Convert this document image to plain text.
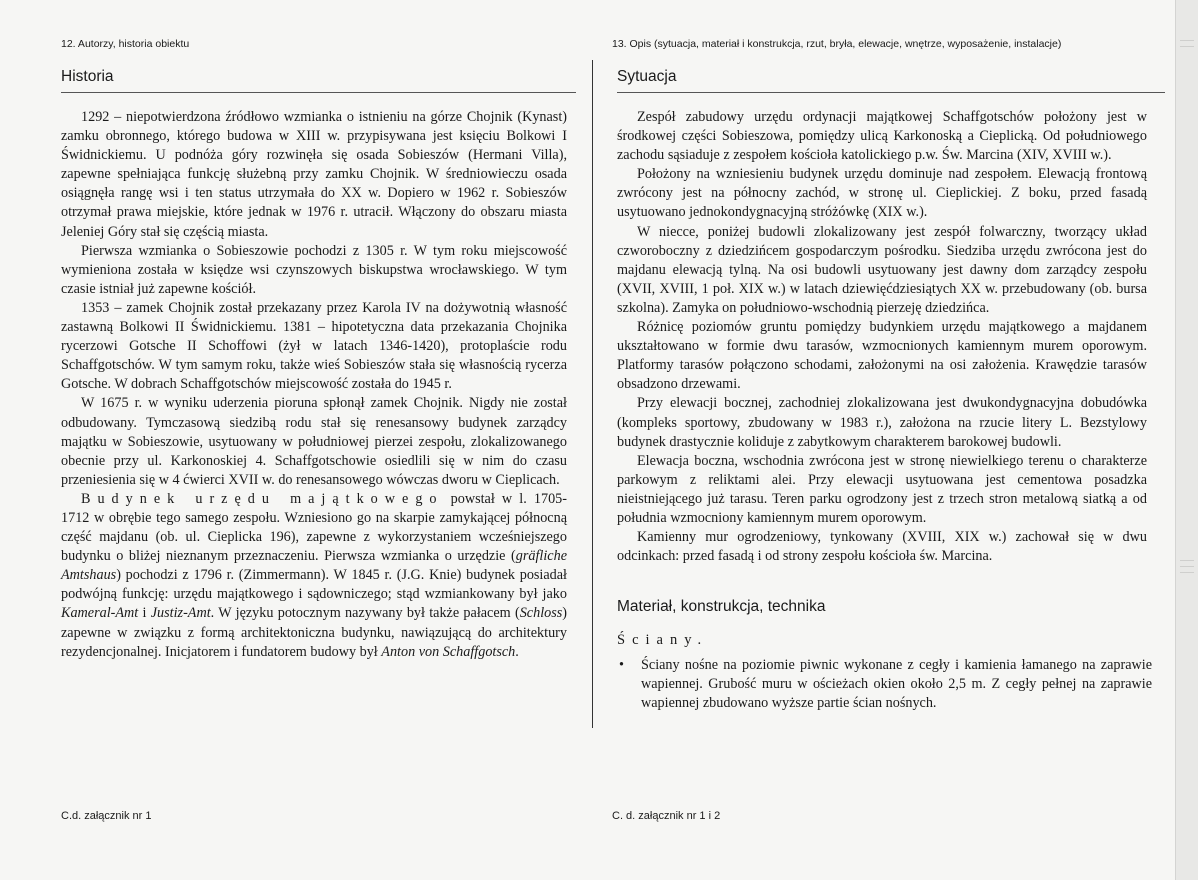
12. Autorzy, historia obiektu
Historia

1292 – niepotwierdzona źródłowo wzmianka o istnieniu na górze Chojnik (Kynast) zamku obronnego, którego budowa w XIII w. przypisywana jest księciu Bolkowi I Świdnickiemu. U podnóża góry rozwinęła się osada Sobieszów (Hermani Villa), zapewne spełniająca funkcję służebną przy zamku Chojnik. W średniowieczu osada osiągnęła rangę wsi i ten status utrzymała do XX w. Dopiero w 1962 r. Sobieszów otrzymał prawa miejskie, które jednak w 1976 r. utracił. Włączony do obszaru miasta Jeleniej Góry stał się częścią miasta.

Pierwsza wzmianka o Sobieszowie pochodzi z 1305 r. W tym roku miejscowość wymieniona została w księdze wsi czynszowych biskupstwa wrocławskiego. W tym czasie istniał już zapewne kościół.

1353 – zamek Chojnik został przekazany przez Karola IV na dożywotnią własność zastawną Bolkowi II Świdnickiemu. 1381 – hipotetyczna data przekazania Chojnika rycerzowi Gotsche II Schoffowi (żył w latach 1346-1420), protoplaście rodu Schaffgotschów. W tym samym roku, także wieś Sobieszów stała się własnością rycerza Gotsche. W dobrach Schaffgotschów miejscowość została do 1945 r.

W 1675 r. w wyniku uderzenia pioruna spłonął zamek Chojnik. Nigdy nie został odbudowany. Tymczasową siedzibą rodu stał się renesansowy budynek zarządcy majątku w Sobieszowie, usytuowany w południowej pierzei zespołu, zlokalizowanego obecnie przy ul. Karkonoskiej 4. Schaffgotschowie osiedlili się w nim do czasu przeniesienia się w 4 ćwierci XVII w. do renesansowego wówczas dworu w Cieplicach.

Budynek urzędu majątkowego powstał w l. 1705-1712 w obrębie tego samego zespołu. Wzniesiono go na skarpie zamykającej północną część majdanu (ob. ul. Cieplicka 196), zapewne z wykorzystaniem wcześniejszego budynku o bliżej nieznanym przeznaczeniu. Pierwsza wzmianka o urzędzie (gräfliche Amtshaus) pochodzi z 1796 r. (Zimmermann). W 1845 r. (J.G. Knie) budynek posiadał podwójną funkcję: urzędu majątkowego i sądowniczego; stąd wzmiankowany był jako Kameral-Amt i Justiz-Amt. W języku potocznym nazywany był także pałacem (Schloss) zapewne w związku z formą architektoniczna budynku, nawiązującą do architektury rezydencjonalnej. Inicjatorem i fundatorem budowy był Anton von Schaffgotsch.

C.d. załącznik nr 1
13. Opis (sytuacja, materiał i konstrukcja, rzut, bryła, elewacje, wnętrze, wyposażenie, instalacje)
Sytuacja

Zespół zabudowy urzędu ordynacji majątkowej Schaffgotschów położony jest w środkowej części Sobieszowa, pomiędzy ulicą Karkonoską a Cieplicką. Od południowego zachodu sąsiaduje z zespołem kościoła katolickiego p.w. Św. Marcina (XIV, XVIII w.).

Położony na wzniesieniu budynek urzędu dominuje nad zespołem. Elewacją frontową zwrócony jest na północny zachód, w stronę ul. Cieplickiej. Z boku, przed fasadą usytuowano jednokondygnacyjną stróżówkę (XIX w.).

W niecce, poniżej budowli zlokalizowany jest zespół folwarczny, tworzący układ czworoboczny z dziedzińcem gospodarczym pośrodku. Siedziba urzędu zwrócona jest do majdanu elewacją tylną. Na osi budowli usytuowany jest dawny dom zarządcy zespołu (XVII, XVIII, 1 poł. XIX w.) w latach dziewięćdziesiątych XX w. przebudowany (ob. bursa szkolna). Zamyka on południowo-wschodnią pierzeję dziedzińca.

Różnicę poziomów gruntu pomiędzy budynkiem urzędu majątkowego a majdanem ukształtowano w formie dwu tarasów, wzmocnionych kamiennym murem oporowym. Platformy tarasów połączono schodami, założonymi na osi założenia. Krawędzie tarasów obsadzono drzewami.

Przy elewacji bocznej, zachodniej zlokalizowana jest dwukondygnacyjna dobudówka (kompleks sportowy, zbudowany w 1983 r.), założona na rzucie litery L. Bezstylowy budynek drastycznie koliduje z zabytkowym charakterem barokowej budowli.

Elewacja boczna, wschodnia zwrócona jest w stronę niewielkiego terenu o charakterze parkowym z reliktami alei. Przy elewacji usytuowana jest cementowa posadzka nieistniejącego już tarasu. Teren parku ogrodzony jest z trzech stron metalową siatką a od południa wzmocniony kamiennym murem oporowym.

Kamienny mur ogrodzeniowy, tynkowany (XVIII, XIX w.) zachował się w dwu odcinkach: przed fasadą i od strony zespołu kościoła św. Marcina.

Materiał, konstrukcja, technika
Ściany.
• Ściany nośne na poziomie piwnic wykonane z cegły i kamienia łamanego na zaprawie wapiennej. Grubość muru w ościeżach okien około 2,5 m. Z cegły pełnej na zaprawie wapiennej zbudowano wyższe partie ścian nośnych.
C. d. załącznik nr 1 i 2
